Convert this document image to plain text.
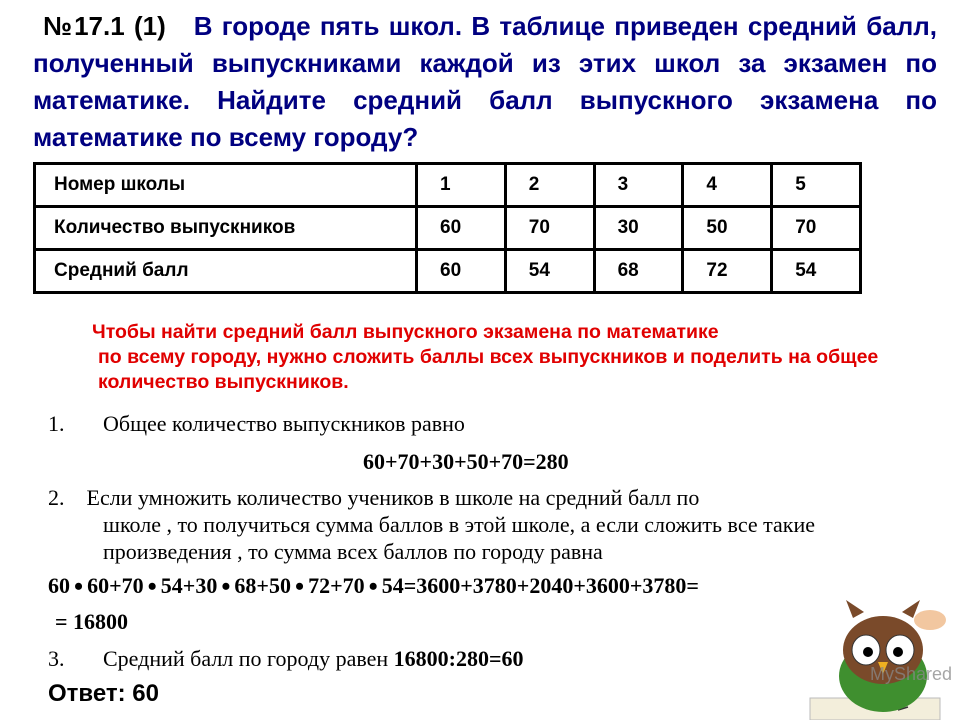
№17.1 (1) В городе пять школ. В таблице приведен средний балл, полученный выпускниками каждой из этих школ за экзамен по математике. Найдите средний балл выпускного экзамена по математике по всему городу?
Номер школы	1	2	3	4	5
Количество выпускников	60	70	30	50	70
Средний балл	60	54	68	72	54
Чтобы найти средний балл выпускного экзамена по математике
по всему городу, нужно сложить баллы всех выпускников и поделить на общее количество выпускников.
1. Общее количество выпускников равно
60+70+30+50+70=280
2. Если умножить количество учеников в школе на средний балл по
школе , то получиться сумма баллов в этой школе, а если сложить все такие произведения , то сумма всех баллов по городу равна
60 • 60+70 • 54+30 • 68+50 • 72+70 • 54=3600+3780+2040+3600+3780=
= 16800
3. Средний балл по городу равен 16800:280=60
Ответ: 60
MyShared
